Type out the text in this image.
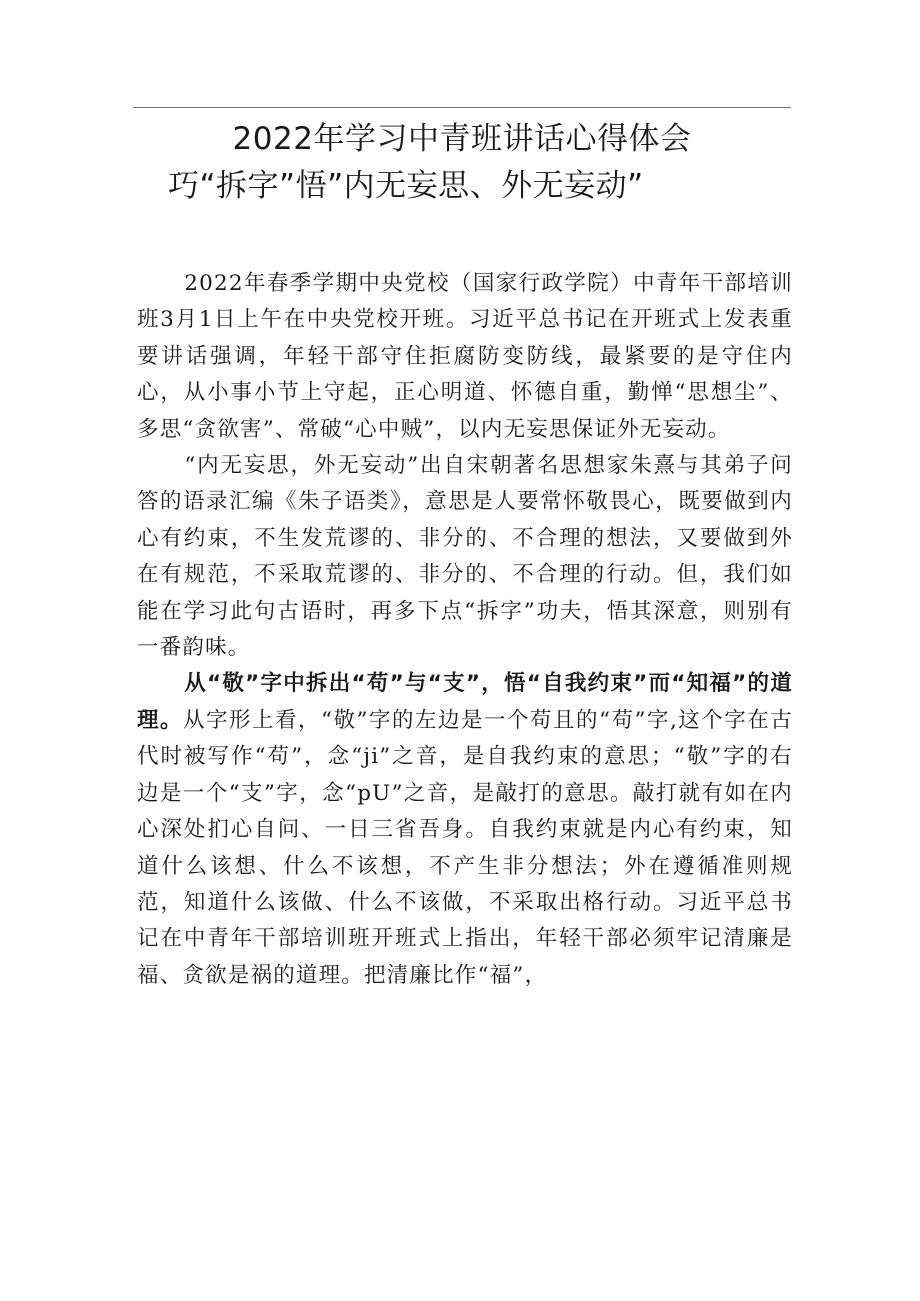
2022年学习中青班讲话心得体会
巧“拆字”悟”内无妄思、外无妄动”

2022年春季学期中央党校（国家行政学院）中青年干部培训班3月1日上午在中央党校开班。习近平总书记在开班式上发表重要讲话强调，年轻干部守住拒腐防变防线，最紧要的是守住内心，从小事小节上守起，正心明道、怀德自重，勤惮“思想尘”、多思“贪欲害”、常破“心中贼”，以内无妄思保证外无妄动。

“内无妄思，外无妄动”出自宋朝著名思想家朱熹与其弟子问答的语录汇编《朱子语类》，意思是人要常怀敬畏心，既要做到内心有约束，不生发荒谬的、非分的、不合理的想法，又要做到外在有规范，不采取荒谬的、非分的、不合理的行动。但，我们如能在学习此句古语时，再多下点“拆字”功夫，悟其深意，则别有一番韵味。

从“敬”字中拆出“苟”与“支”，悟“自我约束”而“知福”的道理。从字形上看，“敬”字的左边是一个苟且的“苟”字,这个字在古代时被写作“苟”，念“ji”之音，是自我约束的意思；“敬”字的右边是一个“支”字，念“pU”之音，是敲打的意思。敲打就有如在内心深处扪心自问、一日三省吾身。自我约束就是内心有约束，知道什么该想、什么不该想，不产生非分想法；外在遵循准则规范，知道什么该做、什么不该做，不采取出格行动。习近平总书记在中青年干部培训班开班式上指出，年轻干部必须牢记清廉是福、贪欲是祸的道理。把清廉比作“福”，
